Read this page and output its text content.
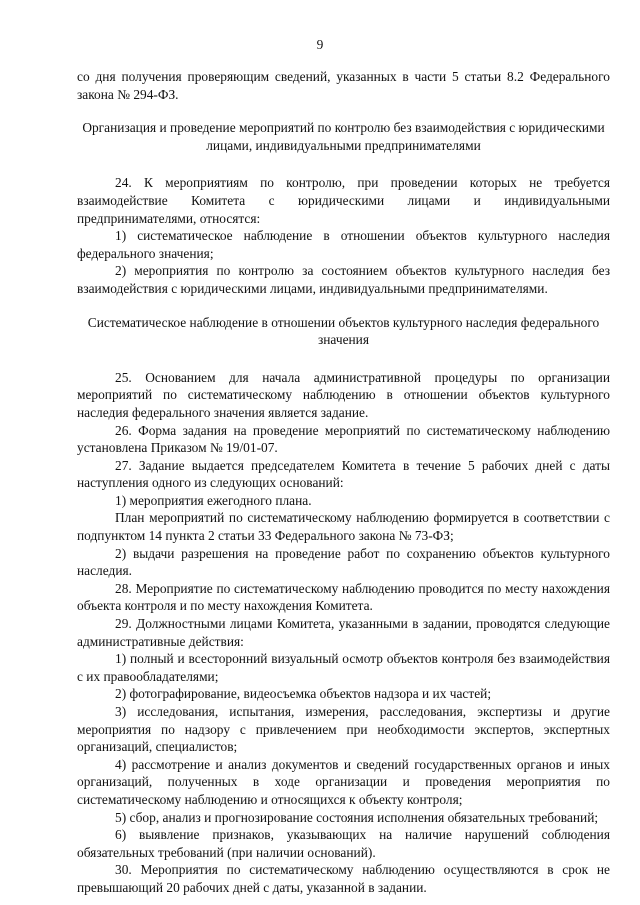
9

со дня получения проверяющим сведений, указанных в части 5 статьи 8.2 Федерального закона № 294-ФЗ.

Организация и проведение мероприятий по контролю без взаимодействия с юридическими лицами, индивидуальными предпринимателями

24. К мероприятиям по контролю, при проведении которых не требуется взаимодействие Комитета с юридическими лицами и индивидуальными предпринимателями, относятся:

1) систематическое наблюдение в отношении объектов культурного наследия федерального значения;

2) мероприятия по контролю за состоянием объектов культурного наследия без взаимодействия с юридическими лицами, индивидуальными предпринимателями.

Систематическое наблюдение в отношении объектов культурного наследия федерального значения

25. Основанием для начала административной процедуры по организации мероприятий по систематическому наблюдению в отношении объектов культурного наследия федерального значения является задание.

26. Форма задания на проведение мероприятий по систематическому наблюдению установлена Приказом № 19/01-07.

27. Задание выдается председателем Комитета в течение 5 рабочих дней с даты наступления одного из следующих оснований:

1) мероприятия ежегодного плана.

План мероприятий по систематическому наблюдению формируется в соответствии с подпунктом 14 пункта 2 статьи 33 Федерального закона № 73-ФЗ;

2) выдачи разрешения на проведение работ по сохранению объектов культурного наследия.

28. Мероприятие по систематическому наблюдению проводится по месту нахождения объекта контроля и по месту нахождения Комитета.

29. Должностными лицами Комитета, указанными в задании, проводятся следующие административные действия:

1) полный и всесторонний визуальный осмотр объектов контроля без взаимодействия с их правообладателями;

2) фотографирование, видеосъемка объектов надзора и их частей;

3) исследования, испытания, измерения, расследования, экспертизы и другие мероприятия по надзору с привлечением при необходимости экспертов, экспертных организаций, специалистов;

4) рассмотрение и анализ документов и сведений государственных органов и иных организаций, полученных в ходе организации и проведения мероприятия по систематическому наблюдению и относящихся к объекту контроля;

5) сбор, анализ и прогнозирование состояния исполнения обязательных требований;

6) выявление признаков, указывающих на наличие нарушений соблюдения обязательных требований (при наличии оснований).

30. Мероприятия по систематическому наблюдению осуществляются в срок не превышающий 20 рабочих дней с даты, указанной в задании.
